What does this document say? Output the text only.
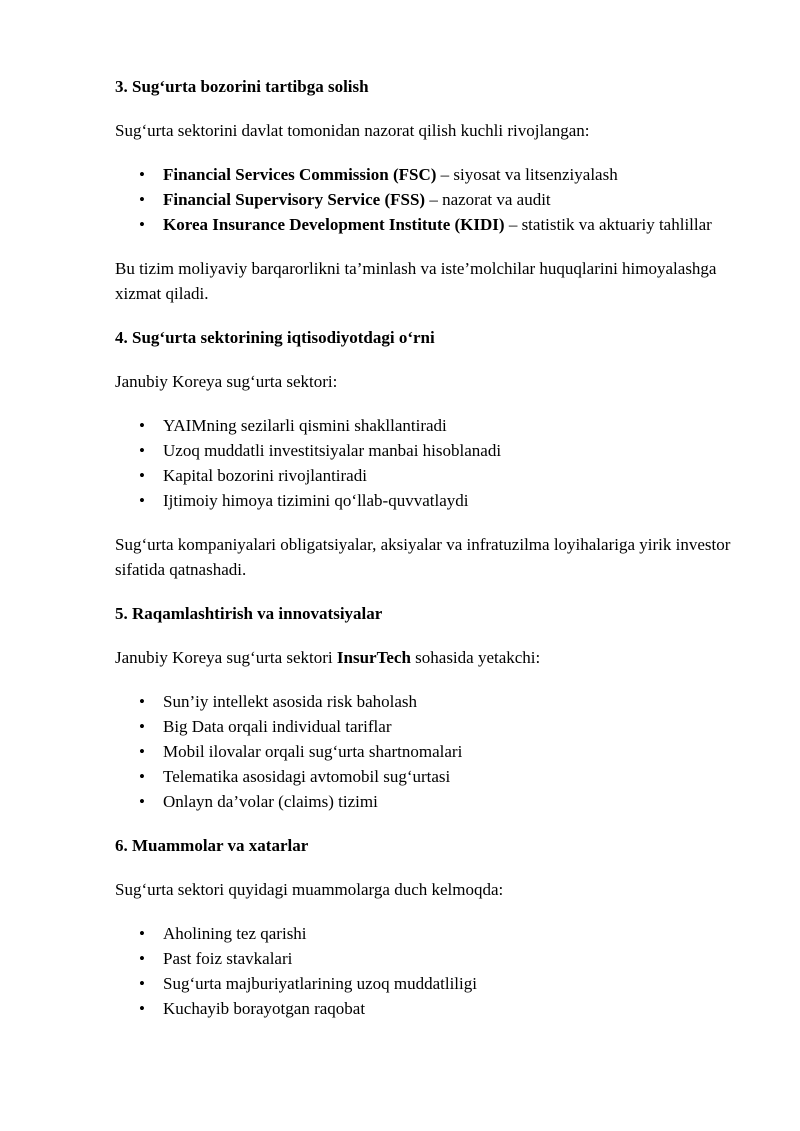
3. Sug‘urta bozorini tartibga solish

Sug‘urta sektorini davlat tomonidan nazorat qilish kuchli rivojlangan:

• Financial Services Commission (FSC) – siyosat va litsenziyalash
• Financial Supervisory Service (FSS) – nazorat va audit
• Korea Insurance Development Institute (KIDI) – statistik va aktuariy tahlillar

Bu tizim moliyaviy barqarorlikni ta’minlash va iste’molchilar huquqlarini himoyalashga xizmat qiladi.

4. Sug‘urta sektorining iqtisodiyotdagi o‘rni

Janubiy Koreya sug‘urta sektori:

• YAIMning sezilarli qismini shakllantiradi
• Uzoq muddatli investitsiyalar manbai hisoblanadi
• Kapital bozorini rivojlantiradi
• Ijtimoiy himoya tizimini qo‘llab-quvvatlaydi

Sug‘urta kompaniyalari obligatsiyalar, aksiyalar va infratuzilma loyihalariga yirik investor sifatida qatnashadi.

5. Raqamlashtirish va innovatsiyalar

Janubiy Koreya sug‘urta sektori InsurTech sohasida yetakchi:

• Sun’iy intellekt asosida risk baholash
• Big Data orqali individual tariflar
• Mobil ilovalar orqali sug‘urta shartnomalari
• Telematika asosidagi avtomobil sug‘urtasi
• Onlayn da’volar (claims) tizimi
6. Muammolar va xatarlar

Sug‘urta sektori quyidagi muammolarga duch kelmoqda:

• Aholining tez qarishi
• Past foiz stavkalari
• Sug‘urta majburiyatlarining uzoq muddatliligi
• Kuchayib borayotgan raqobat
